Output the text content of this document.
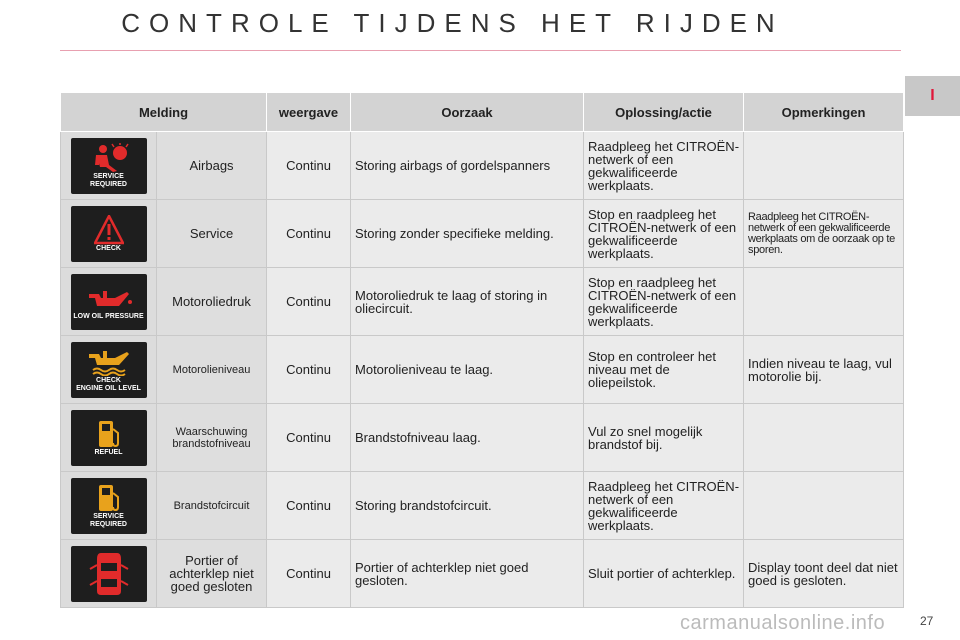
CONTROLE TIJDENS HET RIJDEN
I
Melding		weergave	Oorzaak	Oplossing/actie	Opmerkingen

SERVICE
REQUIRED	Airbags	Continu	Storing airbags of gordelspanners	Raadpleeg het CITROËN-netwerk of een gekwalificeerde werkplaats.	

CHECK	Service	Continu	Storing zonder specifieke melding.	Stop en raadpleeg het CITROËN-netwerk of een gekwalificeerde werkplaats.	Raadpleeg het CITROËN-netwerk of een gekwalificeerde werkplaats om de oorzaak op te sporen.

LOW OIL PRESSURE	Motoroliedruk	Continu	Motoroliedruk te laag of storing in oliecircuit.	Stop en raadpleeg het CITROËN-netwerk of een gekwalificeerde werkplaats.	

CHECK
ENGINE OIL LEVEL	Motorolieniveau	Continu	Motorolieniveau te laag.	Stop en controleer het niveau met de oliepeilstok.	Indien niveau te laag, vul motorolie bij.

REFUEL	Waarschuwing brandstofniveau	Continu	Brandstofniveau laag.	Vul zo snel mogelijk brandstof bij.	

SERVICE
REQUIRED	Brandstofcircuit	Continu	Storing brandstofcircuit.	Raadpleeg het CITROËN-netwerk of een gekwalificeerde werkplaats.	

	Portier of achterklep niet goed gesloten	Continu	Portier of achterklep niet goed gesloten.	Sluit portier of achterklep.	Display toont deel dat niet goed is gesloten.
carmanualsonline.info	27
